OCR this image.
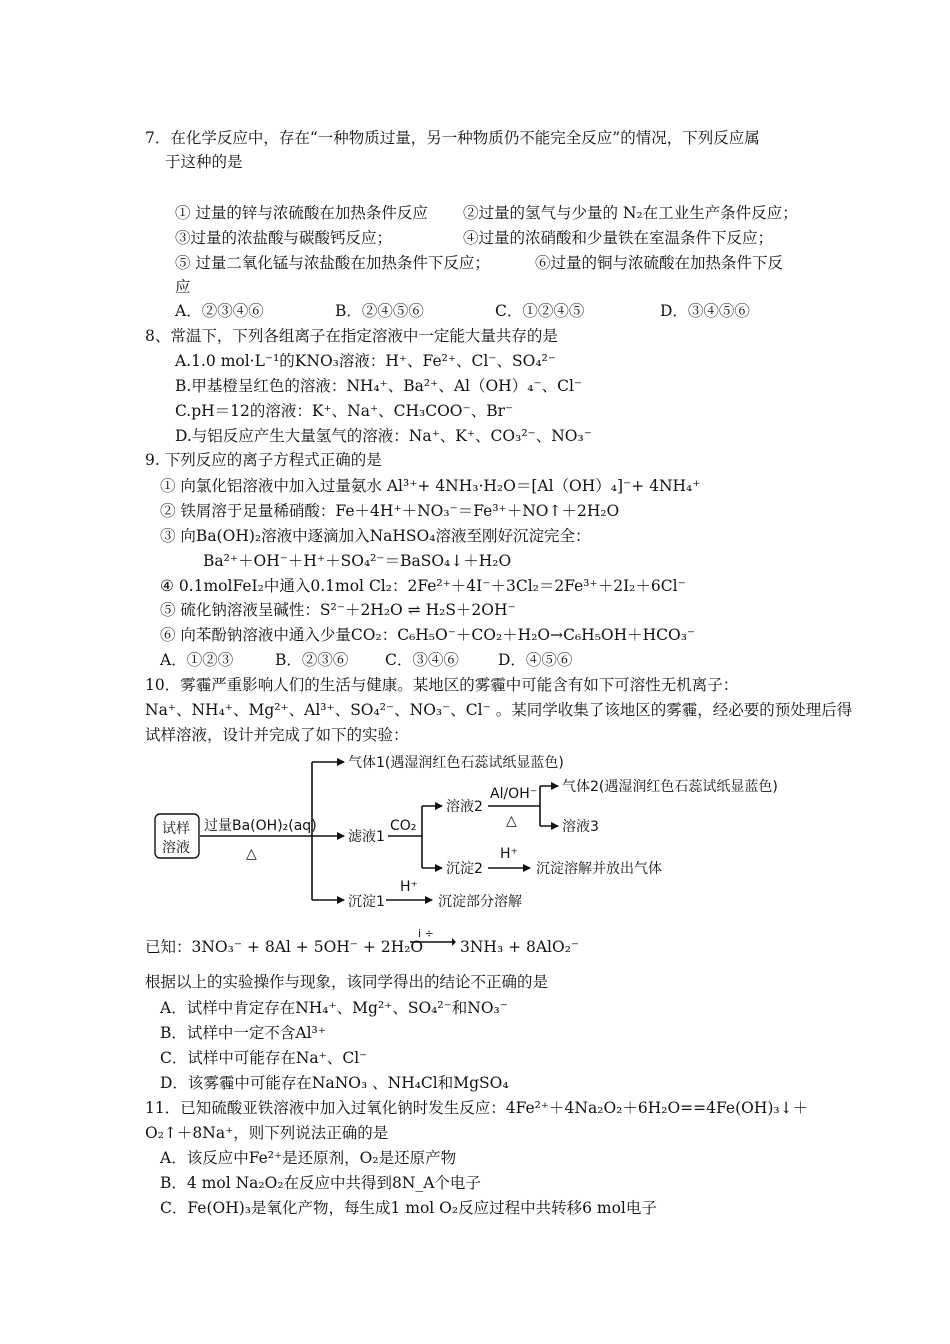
7．在化学反应中，存在“一种物质过量，另一种物质仍不能完全反应”的情况，下列反应属
于这种的是
① 过量的锌与浓硫酸在加热条件反应 ②过量的氢气与少量的 N₂在工业生产条件反应；
③过量的浓盐酸与碳酸钙反应；	④过量的浓硝酸和少量铁在室温条件下反应；
⑤ 过量二氧化锰与浓盐酸在加热条件下反应；	⑥过量的铜与浓硫酸在加热条件下反
应
A．②③④⑥	B．②④⑤⑥	C．①②④⑤	D．③④⑤⑥
8、常温下，下列各组离子在指定溶液中一定能大量共存的是
A.1.0 mol·L⁻¹的KNO₃溶液：H⁺、Fe²⁺、Cl⁻、SO₄²⁻
B.甲基橙呈红色的溶液：NH₄⁺、Ba²⁺、Al（OH）₄⁻、Cl⁻
C.pH＝12的溶液：K⁺、Na⁺、CH₃COO⁻、Br⁻
D.与铝反应产生大量氢气的溶液：Na⁺、K⁺、CO₃²⁻、NO₃⁻
9. 下列反应的离子方程式正确的是
① 向氯化铝溶液中加入过量氨水 Al³⁺+ 4NH₃·H₂O＝[Al（OH）₄]⁻+ 4NH₄⁺
② 铁屑溶于足量稀硝酸：Fe＋4H⁺＋NO₃⁻＝Fe³⁺＋NO↑＋2H₂O
③ 向Ba(OH)₂溶液中逐滴加入NaHSO₄溶液至刚好沉淀完全：
Ba²⁺＋OH⁻＋H⁺＋SO₄²⁻＝BaSO₄↓＋H₂O
④ 0.1molFeI₂中通入0.1mol Cl₂：2Fe²⁺＋4I⁻＋3Cl₂＝2Fe³⁺＋2I₂＋6Cl⁻
⑤ 硫化钠溶液呈碱性：S²⁻＋2H₂O ⇌ H₂S＋2OH⁻
⑥ 向苯酚钠溶液中通入少量CO₂：C₆H₅O⁻＋CO₂＋H₂O→C₆H₅OH＋HCO₃⁻
A．①②③	B．②③⑥ C．③④⑥	D．④⑤⑥
10．雾霾严重影响人们的生活与健康。某地区的雾霾中可能含有如下可溶性无机离子：
Na⁺、NH₄⁺、Mg²⁺、Al³⁺、SO₄²⁻、NO₃⁻、Cl⁻ 。某同学收集了该地区的雾霾，经必要的预处理后得
试样溶液，设计并完成了如下的实验：
试样
溶液
过量Ba(OH)₂(aq)
△
气体1(遇湿润红色石蕊试纸显蓝色)
滤液1
沉淀1
H⁺
沉淀部分溶解
CO₂
溶液2
沉淀2
Al/OH⁻
△
气体2(遇湿润红色石蕊试纸显蓝色)
溶液3
H⁺
沉淀溶解并放出气体
已知：3NO₃⁻ + 8Al + 5OH⁻ + 2H₂O
i ÷
3NH₃ + 8AlO₂⁻
根据以上的实验操作与现象，该同学得出的结论不正确的是
A．试样中肯定存在NH₄⁺、Mg²⁺、SO₄²⁻和NO₃⁻
B．试样中一定不含Al³⁺
C．试样中可能存在Na⁺、Cl⁻
D．该雾霾中可能存在NaNO₃ 、NH₄Cl和MgSO₄
11．已知硫酸亚铁溶液中加入过氧化钠时发生反应：4Fe²⁺＋4Na₂O₂＋6H₂O==4Fe(OH)₃↓＋
O₂↑＋8Na⁺，则下列说法正确的是
A．该反应中Fe²⁺是还原剂，O₂是还原产物
B．4 mol Na₂O₂在反应中共得到8N_A个电子
C．Fe(OH)₃是氧化产物，每生成1 mol O₂反应过程中共转移6 mol电子
